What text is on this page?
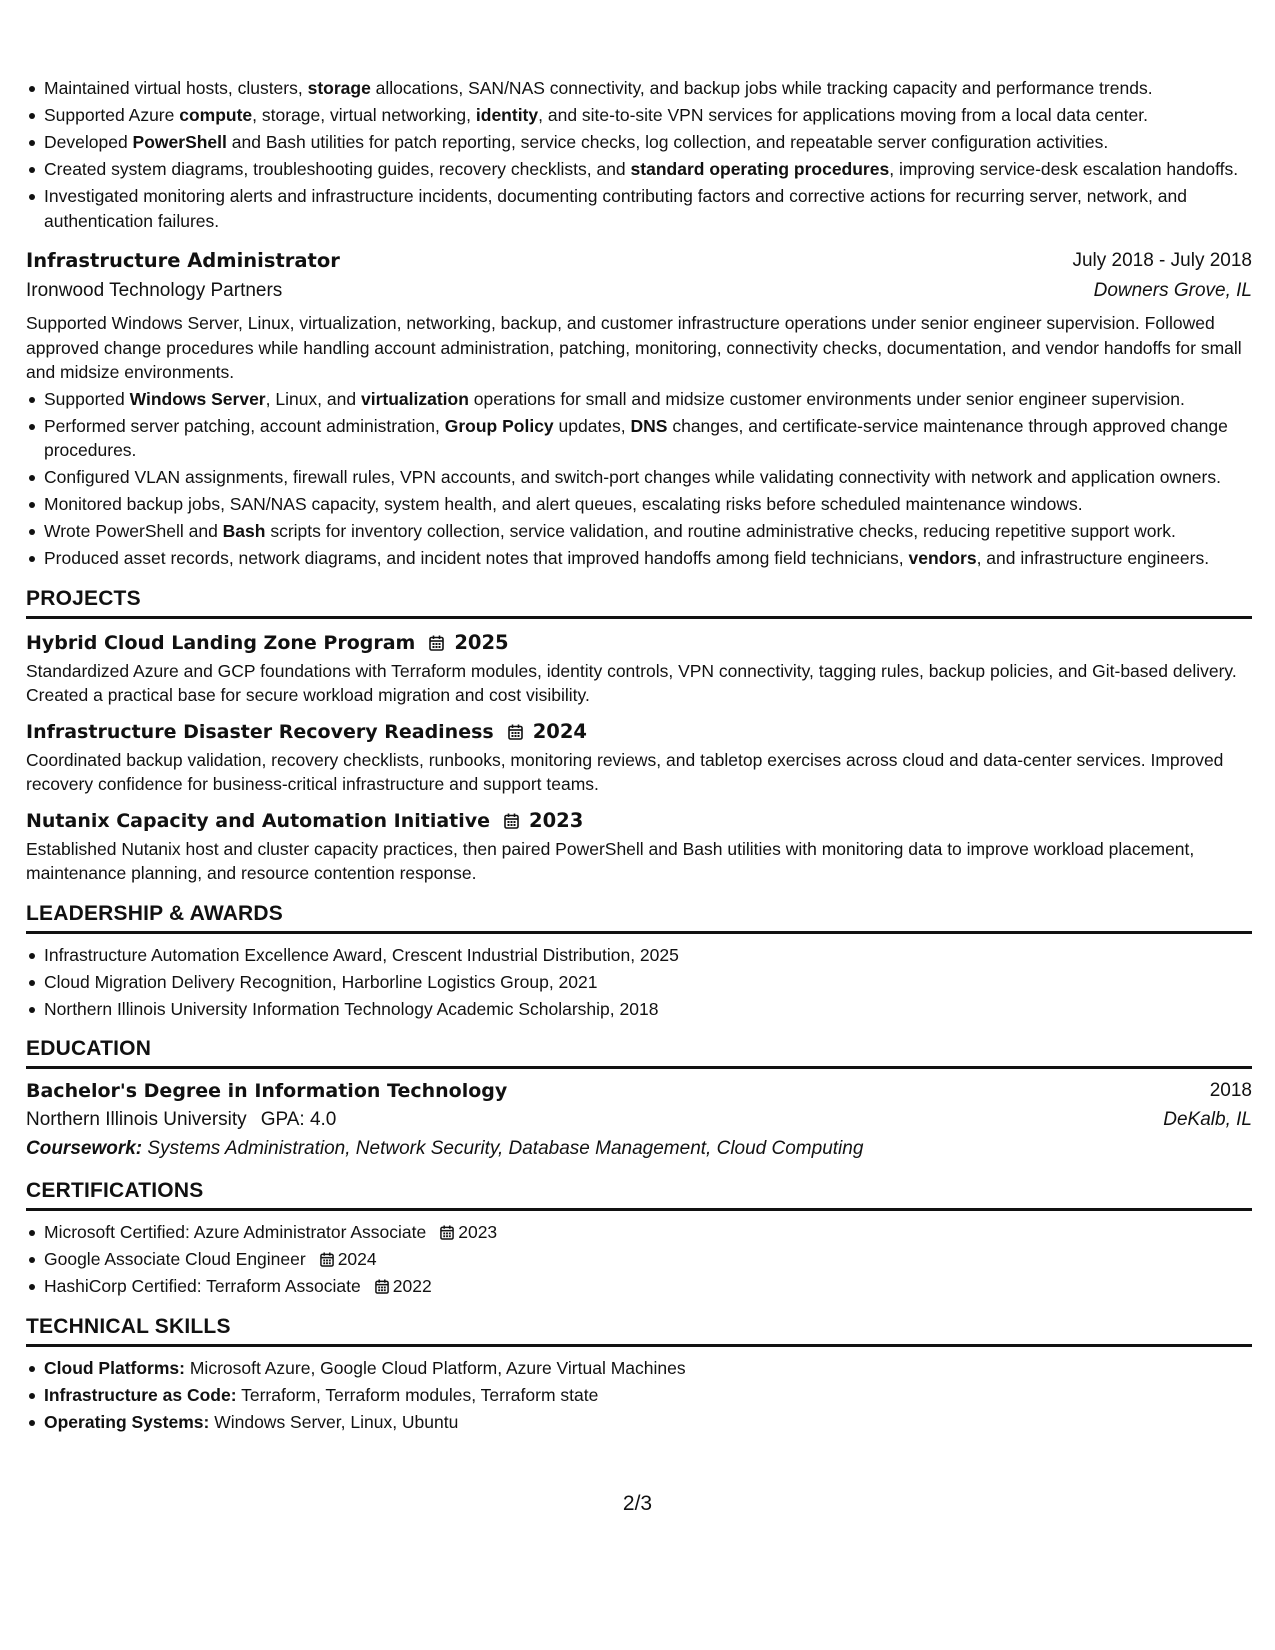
Maintained virtual hosts, clusters, storage allocations, SAN/NAS connectivity, and backup jobs while tracking capacity and performance trends.
Supported Azure compute, storage, virtual networking, identity, and site-to-site VPN services for applications moving from a local data center.
Developed PowerShell and Bash utilities for patch reporting, service checks, log collection, and repeatable server configuration activities.
Created system diagrams, troubleshooting guides, recovery checklists, and standard operating procedures, improving service-desk escalation handoffs.
Investigated monitoring alerts and infrastructure incidents, documenting contributing factors and corrective actions for recurring server, network, and authentication failures.
Infrastructure Administrator	July 2018 - July 2018
Ironwood Technology Partners	Downers Grove, IL
Supported Windows Server, Linux, virtualization, networking, backup, and customer infrastructure operations under senior engineer supervision. Followed approved change procedures while handling account administration, patching, monitoring, connectivity checks, documentation, and vendor handoffs for small and midsize environments.
Supported Windows Server, Linux, and virtualization operations for small and midsize customer environments under senior engineer supervision.
Performed server patching, account administration, Group Policy updates, DNS changes, and certificate-service maintenance through approved change procedures.
Configured VLAN assignments, firewall rules, VPN accounts, and switch-port changes while validating connectivity with network and application owners.
Monitored backup jobs, SAN/NAS capacity, system health, and alert queues, escalating risks before scheduled maintenance windows.
Wrote PowerShell and Bash scripts for inventory collection, service validation, and routine administrative checks, reducing repetitive support work.
Produced asset records, network diagrams, and incident notes that improved handoffs among field technicians, vendors, and infrastructure engineers.
PROJECTS
Hybrid Cloud Landing Zone Program 2025
Standardized Azure and GCP foundations with Terraform modules, identity controls, VPN connectivity, tagging rules, backup policies, and Git-based delivery. Created a practical base for secure workload migration and cost visibility.
Infrastructure Disaster Recovery Readiness 2024
Coordinated backup validation, recovery checklists, runbooks, monitoring reviews, and tabletop exercises across cloud and data-center services. Improved recovery confidence for business-critical infrastructure and support teams.
Nutanix Capacity and Automation Initiative 2023
Established Nutanix host and cluster capacity practices, then paired PowerShell and Bash utilities with monitoring data to improve workload placement, maintenance planning, and resource contention response.
LEADERSHIP & AWARDS
Infrastructure Automation Excellence Award, Crescent Industrial Distribution, 2025
Cloud Migration Delivery Recognition, Harborline Logistics Group, 2021
Northern Illinois University Information Technology Academic Scholarship, 2018
EDUCATION
Bachelor's Degree in Information Technology	2018
Northern Illinois University GPA: 4.0	DeKalb, IL
Coursework: Systems Administration, Network Security, Database Management, Cloud Computing
CERTIFICATIONS
Microsoft Certified: Azure Administrator Associate 2023
Google Associate Cloud Engineer 2024
HashiCorp Certified: Terraform Associate 2022
TECHNICAL SKILLS
Cloud Platforms: Microsoft Azure, Google Cloud Platform, Azure Virtual Machines
Infrastructure as Code: Terraform, Terraform modules, Terraform state
Operating Systems: Windows Server, Linux, Ubuntu
2/3
